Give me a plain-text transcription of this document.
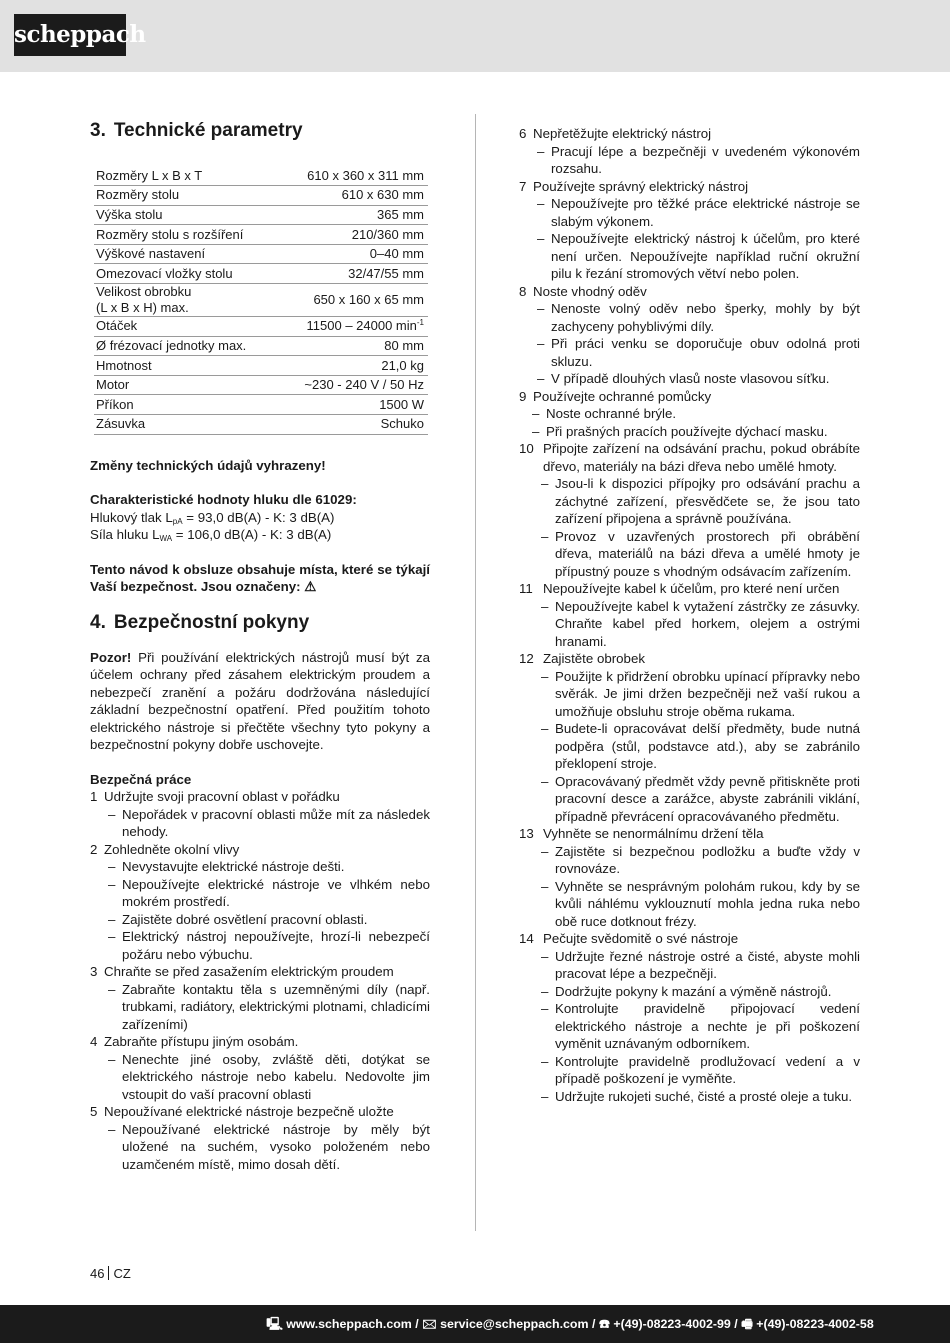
scheppach
3. Technické parametry
Rozměry L x B x T	610 x 360 x 311 mm
Rozměry stolu	610 x 630 mm
Výška stolu	365 mm
Rozměry stolu s rozšíření	210/360 mm
Výškové nastavení	0–40 mm
Omezovací vložky stolu	32/47/55 mm

Velikost obrobku
(L x B x H) max.	650 x 160 x 65 mm
Otáček	11500 – 24000 $\min^{-1}$
Ø frézovací jednotky max.	80 mm
Hmotnost	21,0 kg
Motor	~230 - 240 V / 50 Hz
Příkon	1500 W
Zásuvka	Schuko

Změny technických údajů vyhrazeny!

Charakteristické hodnoty hluku dle 61029:

Hlukový tlak $L_{pA} = 93,0$ dB(A) - K: 3 dB(A)

Síla hluku $L_{WA} = 106,0$ dB(A) - K: 3 dB(A)

Tento návod k obsluze obsahuje místa, které se týkají Vaší bezpečnost. Jsou označeny: ⚠

4. Bezpečnostní pokyny

Pozor! Při používání elektrických nástrojů musí být za účelem ochrany před zásahem elektrickým proudem a nebezpečí zranění a požáru dodržována následující základní bezpečnostní opatření. Před použitím tohoto elektrického nástroje si přečtěte všechny tyto pokyny a bezpečnostní pokyny dobře uschovejte.

Bezpečná práce

1 Udržujte svoji pracovní oblast v pořádku
– Nepořádek v pracovní oblasti může mít za následek nehody.
2 Zohledněte okolní vlivy
– Nevystavujte elektrické nástroje dešti.
– Nepoužívejte elektrické nástroje ve vlhkém nebo mokrém prostředí.
– Zajistěte dobré osvětlení pracovní oblasti.
– Elektrický nástroj nepoužívejte, hrozí-li nebezpečí požáru nebo výbuchu.
3 Chraňte se před zasažením elektrickým proudem
– Zabraňte kontaktu těla s uzemněnými díly (např. trubkami, radiátory, elektrickými plotnami, chladicími zařízeními)
4 Zabraňte přístupu jiným osobám.
– Nenechte jiné osoby, zvláště děti, dotýkat se elektrického nástroje nebo kabelu. Nedovolte jim vstoupit do vaší pracovní oblasti
5 Nepoužívané elektrické nástroje bezpečně uložte
– Nepoužívané elektrické nástroje by měly být uložené na suchém, vysoko položeném nebo uzamčeném místě, mimo dosah dětí.
6 Nepřetěžujte elektrický nástroj
– Pracují lépe a bezpečněji v uvedeném výkonovém rozsahu.
7 Používejte správný elektrický nástroj
– Nepoužívejte pro těžké práce elektrické nástroje se slabým výkonem.
– Nepoužívejte elektrický nástroj k účelům, pro které není určen. Nepoužívejte například ruční okružní pilu k řezání stromových větví nebo polen.
8 Noste vhodný oděv
– Nenoste volný oděv nebo šperky, mohly by být zachyceny pohyblivými díly.
– Při práci venku se doporučuje obuv odolná proti skluzu.
– V případě dlouhých vlasů noste vlasovou síťku.
9 Používejte ochranné pomůcky
– Noste ochranné brýle.
– Při prašných pracích používejte dýchací masku.
10 Připojte zařízení na odsávání prachu, pokud obrábíte dřevo, materiály na bázi dřeva nebo umělé hmoty.
– Jsou-li k dispozici přípojky pro odsávání prachu a záchytné zařízení, přesvědčete se, že jsou tato zařízení připojena a správně používána.
– Provoz v uzavřených prostorech při obrábění dřeva, materiálů na bázi dřeva a umělé hmoty je přípustný pouze s vhodným odsávacím zařízením.
11 Nepoužívejte kabel k účelům, pro které není určen
– Nepoužívejte kabel k vytažení zástrčky ze zásuvky. Chraňte kabel před horkem, olejem a ostrými hranami.
12 Zajistěte obrobek
– Použijte k přidržení obrobku upínací přípravky nebo svěrák. Je jimi držen bezpečněji než vaší rukou a umožňuje obsluhu stroje oběma rukama.
– Budete-li opracovávat delší předměty, bude nutná podpěra (stůl, podstavce atd.), aby se zabránilo překlopení stroje.
– Opracovávaný předmět vždy pevně přitiskněte proti pracovní desce a zarážce, abyste zabránili viklání, případně převrácení opracovávaného předmětu.
13 Vyhněte se nenormálnímu držení těla
– Zajistěte si bezpečnou podložku a buďte vždy v rovnováze.
– Vyhněte se nesprávným polohám rukou, kdy by se kvůli náhlému vyklouznutí mohla jedna ruka nebo obě ruce dotknout frézy.
14 Pečujte svědomitě o své nástroje
– Udržujte řezné nástroje ostré a čisté, abyste mohli pracovat lépe a bezpečněji.
– Dodržujte pokyny k mazání a výměně nástrojů.
– Kontrolujte pravidelně připojovací vedení elektrického nástroje a nechte je při poškození vyměnit uznávaným odborníkem.
– Kontrolujte pravidelně prodlužovací vedení a v případě poškození je vyměňte.
– Udržujte rukojeti suché, čisté a prosté oleje a tuku.
46 CZ
🖳 www.scheppach.com / 🖂 service@scheppach.com / ☎ +(49)-08223-4002-99 / 🖷 +(49)-08223-4002-58
